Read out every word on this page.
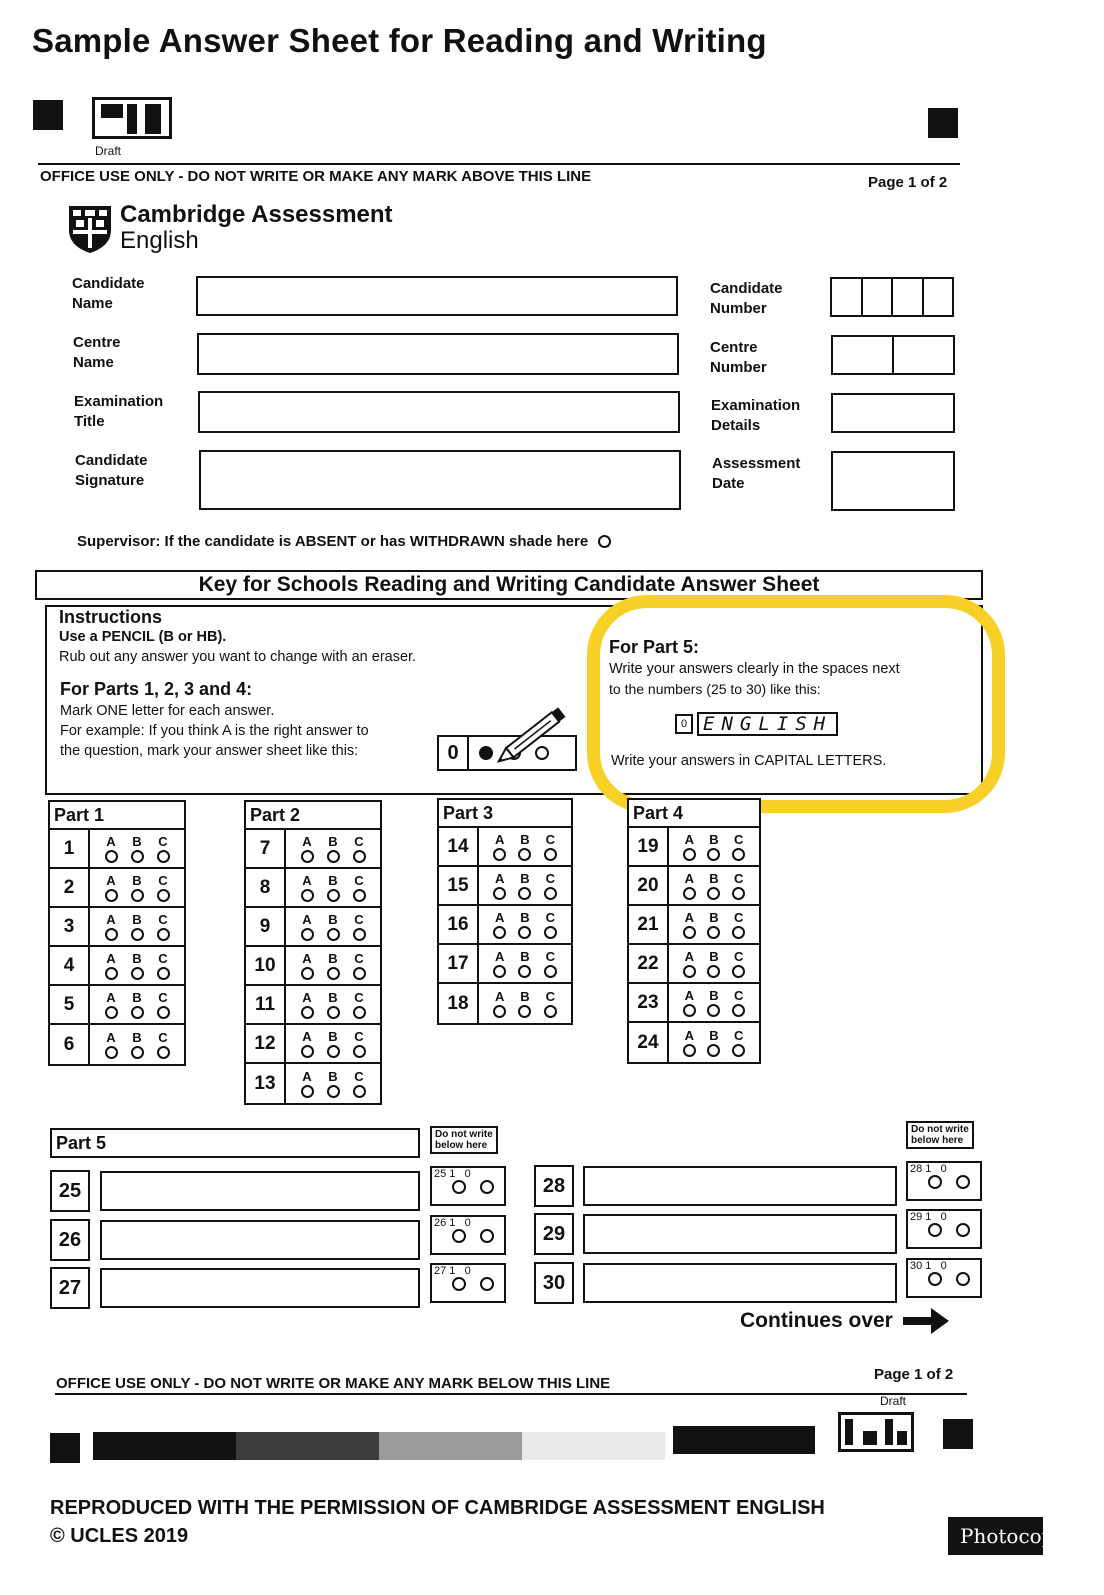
Sample Answer Sheet for Reading and Writing
Draft
OFFICE USE ONLY - DO NOT WRITE OR MAKE ANY MARK ABOVE THIS LINE	Page 1 of 2
Cambridge Assessment
English
Candidate
Name
Centre
Name
Examination
Title
Candidate
Signature
Candidate
Number
Centre
Number
Examination
Details
Assessment
Date
Supervisor: If the candidate is ABSENT or has WITHDRAWN shade here
Key for Schools Reading and Writing Candidate Answer Sheet
Instructions
Use a PENCIL (B or HB).
Rub out any answer you want to change with an eraser.
For Parts 1, 2, 3 and 4:
Mark ONE letter for each answer.
For example: If you think A is the right answer to
the question, mark your answer sheet like this:	0
For Part 5:
Write your answers clearly in the spaces next
to the numbers (25 to 30) like this:
0 ENGLISH
Write your answers in CAPITAL LETTERS.
Part 1
1	A B C
2	A B C
3	A B C
4	A B C
5	A B C
6	A B C
Part 2
7	A B C
8	A B C
9	A B C
10	A B C
11	A B C
12	A B C
13	A B C
Part 3
14	A B C
15	A B C
16	A B C
17	A B C
18	A B C
Part 4
19	A B C
20	A B C
21	A B C
22	A B C
23	A B C
24	A B C
Part 5	Do not write
below here
Do not write
below here
25
25 1   0
26
26 1   0
27
27 1   0
28
28 1   0
29
29 1   0
30
30 1   0
Continues over
OFFICE USE ONLY - DO NOT WRITE OR MAKE ANY MARK BELOW THIS LINE
Page 1 of 2
Draft
REPRODUCED WITH THE PERMISSION OF CAMBRIDGE ASSESSMENT ENGLISH
© UCLES 2019	Photocopiable
